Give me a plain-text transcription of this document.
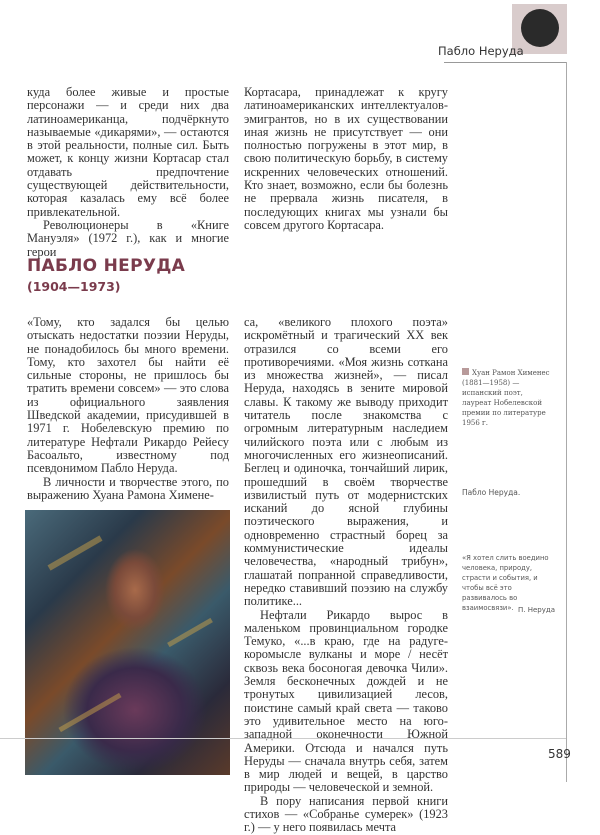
Пабло Неруда

куда более живые и простые персонажи — и среди них два латиноамериканца, подчёркнуто называемые «дикарями», — остаются в этой реальности, полные сил. Быть может, к концу жизни Кортасар стал отдавать предпочтение существующей действительности, которая казалась ему всё более привлекательной.

Революционеры в «Книге Мануэля» (1972 г.), как и многие герои

Кортасара, принадлежат к кругу латиноамериканских интеллектуалов-эмигрантов, но в их существовании иная жизнь не присутствует — они полностью погружены в этот мир, в свою политическую борьбу, в систему искренних человеческих отношений. Кто знает, возможно, если бы болезнь не прервала жизнь писателя, в последующих книгах мы узнали бы совсем другого Кортасара.

ПАБЛО НЕРУДА
(1904—1973)

«Тому, кто задался бы целью отыскать недостатки поэзии Неруды, не понадобилось бы много времени. Тому, кто захотел бы найти её сильные стороны, не пришлось бы тратить времени совсем» — это слова из официального заявления Шведской академии, присудившей в 1971 г. Нобелевскую премию по литературе Нефтали Рикардо Рейесу Басоальто, известному под псевдонимом Пабло Неруда.

В личности и творчестве этого, по выражению Хуана Рамона Химене-

са, «великого плохого поэта» искромётный и трагический XX век отразился со всеми его противоречиями. «Моя жизнь соткана из множества жизней», — писал Неруда, находясь в зените мировой славы. К такому же выводу приходит читатель после знакомства с огромным литературным наследием чилийского поэта или с любым из многочисленных его жизнеописаний. Беглец и одиночка, тончайший лирик, прошедший в своём творчестве извилистый путь от модернистских исканий до ясной глубины поэтического выражения, и одновременно страстный борец за коммунистические идеалы человечества, «народный трибун», глашатай попранной справедливости, нередко ставивший поэзию на службу политике...

Нефтали Рикардо вырос в маленьком провинциальном городке Темуко, «...в краю, где на радуге-коромысле вулканы и море / несёт сквозь века босоногая девочка Чили». Земля бесконечных дождей и не тронутых цивилизацией лесов, поистине самый край света — таково это удивительное место на юго-западной оконечности Южной Америки. Отсюда и начался путь Неруды — сначала внутрь себя, затем в мир людей и вещей, в царство природы — человеческой и земной.

В пору написания первой книги стихов — «Собранье сумерек» (1923 г.) — у него появилась мечта

Хуан Рамон Хименес (1881—1958) — испанский поэт, лауреат Нобелевской премии по литературе 1956 г.
Пабло Неруда.
«Я хотел слить воедино человека, природу, страсти и события, и чтобы всё это развивалось во взаимосвязи». П. Неруда
589
